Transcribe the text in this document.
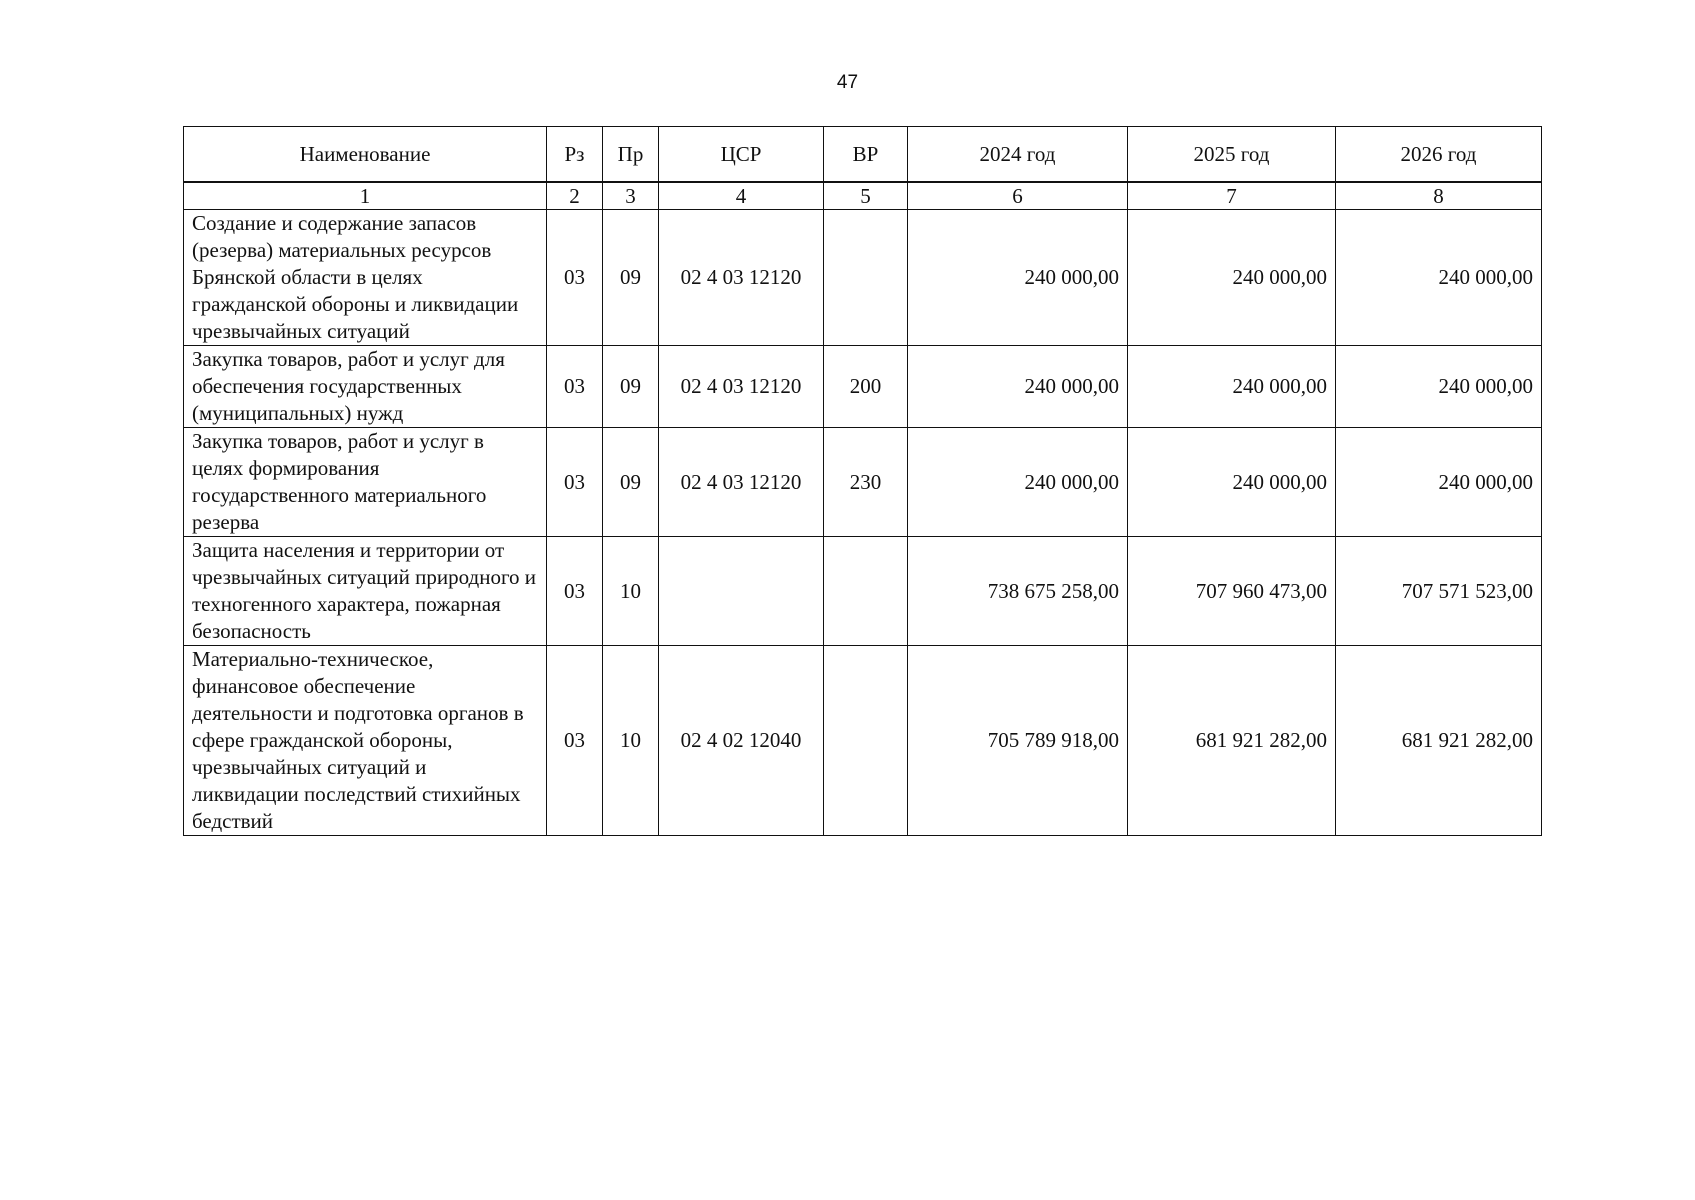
47
Наименование	Рз	Пр	ЦСР	ВР	2024 год	2025 год	2026 год
1	2	3	4	5	6	7	8
Создание и содержание запасов (резерва) материальных ресурсов Брянской области в целях гражданской обороны и ликвидации чрезвычайных ситуаций	03	09	02 4 03 12120		240 000,00	240 000,00	240 000,00
Закупка товаров, работ и услуг для обеспечения государственных (муниципальных) нужд	03	09	02 4 03 12120	200	240 000,00	240 000,00	240 000,00
Закупка товаров, работ и услуг в целях формирования государственного материального резерва	03	09	02 4 03 12120	230	240 000,00	240 000,00	240 000,00
Защита населения и территории от чрезвычайных ситуаций природного и техногенного характера, пожарная безопасность	03	10			738 675 258,00	707 960 473,00	707 571 523,00
Материально-техническое, финансовое обеспечение деятельности и подготовка органов в сфере гражданской обороны, чрезвычайных ситуаций и ликвидации последствий стихийных бедствий	03	10	02 4 02 12040		705 789 918,00	681 921 282,00	681 921 282,00
